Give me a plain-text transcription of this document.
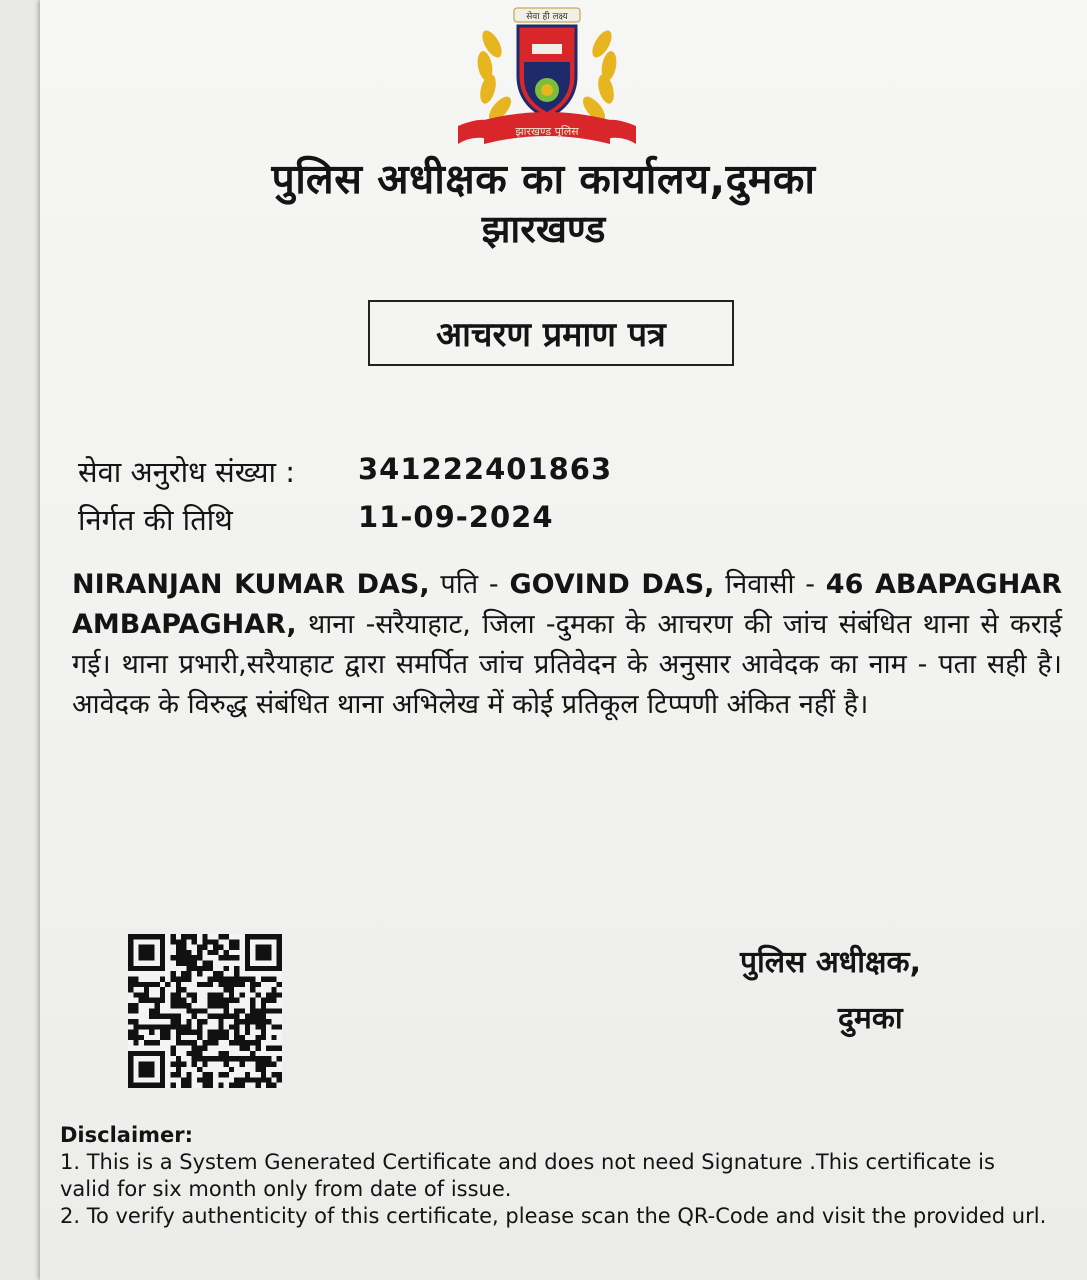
सेवा ही लक्ष्य
झारखण्ड पुलिस
पुलिस अधीक्षक का कार्यालय,दुमका
झारखण्ड
आचरण प्रमाण पत्र
सेवा अनुरोध संख्या :	341222401863
निर्गत की तिथि	11-09-2024
NIRANJAN KUMAR DAS, पति - GOVIND DAS, निवासी - 46 ABAPAGHAR AMBAPAGHAR, थाना -सरैयाहाट, जिला -दुमका के आचरण की जांच संबंधित थाना से कराई गई। थाना प्रभारी,सरैयाहाट द्वारा समर्पित जांच प्रतिवेदन के अनुसार आवेदक का नाम - पता सही है। आवेदक के विरुद्ध संबंधित थाना अभिलेख में कोई प्रतिकूल टिप्पणी अंकित नहीं है।
पुलिस अधीक्षक,
दुमका
Disclaimer:
1. This is a System Generated Certificate and does not need Signature .This certificate is valid for six month only from date of issue.
2. To verify authenticity of this certificate, please scan the QR-Code and visit the provided url.
